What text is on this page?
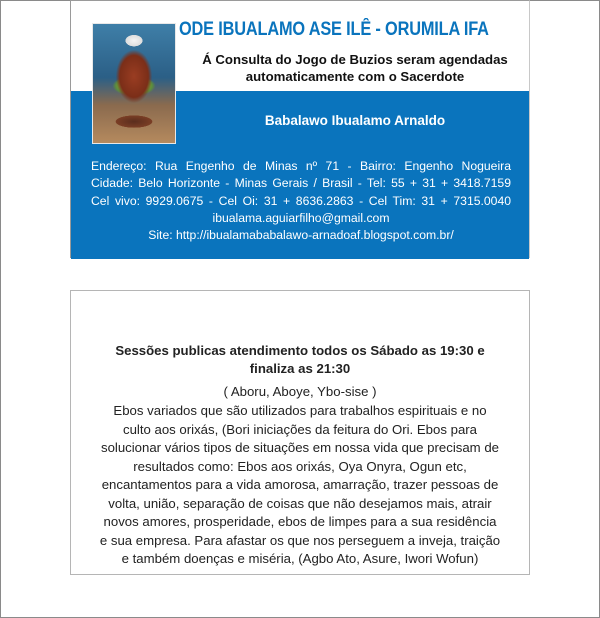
ODE IBUALAMO ASE ILÊ - ORUMILA IFA
Á Consulta do Jogo de Buzios seram agendadas
automaticamente com o Sacerdote
Babalawo Ibualamo Arnaldo
Endereço: Rua Engenho de Minas nº 71 - Bairro: Engenho Nogueira
Cidade: Belo Horizonte - Minas Gerais / Brasil - Tel: 55 + 31 + 3418.7159
Cel vivo: 9929.0675 - Cel Oi: 31 + 8636.2863 - Cel Tim: 31 + 7315.0040
ibualama.aguiarfilho@gmail.com
Site: http://ibualamababalawo-arnadoaf.blogspot.com.br/
Sessões publicas atendimento todos os Sábado as 19:30 e
finaliza as 21:30
( Aboru, Aboye, Ybo-sise )
Ebos variados que são utilizados para trabalhos espirituais e no
culto aos orixás, (Bori iniciações da feitura do Ori. Ebos para
solucionar vários tipos de situações em nossa vida que precisam de
resultados como: Ebos aos orixás, Oya Onyra, Ogun etc,
encantamentos para a vida amorosa, amarração, trazer pessoas de
volta, união, separação de coisas que não desejamos mais, atrair
novos amores, prosperidade, ebos de limpes para a sua residência
e sua empresa. Para afastar os que nos perseguem a inveja, traição
e também doenças e miséria, (Agbo Ato, Asure, Iwori Wofun)
